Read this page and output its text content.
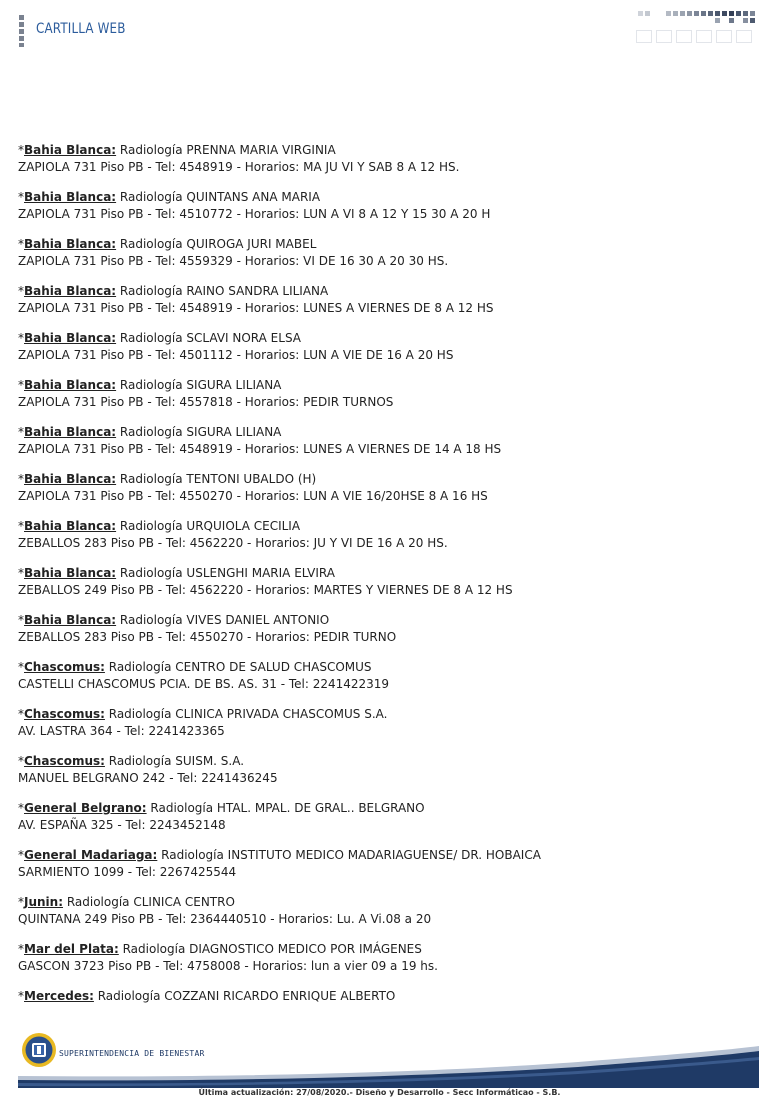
CARTILLA WEB
*Bahia Blanca: Radiología PRENNA MARIA VIRGINIA
ZAPIOLA 731 Piso PB - Tel: 4548919 - Horarios: MA JU VI Y SAB 8 A 12 HS.
*Bahia Blanca: Radiología QUINTANS ANA MARIA
ZAPIOLA 731 Piso PB - Tel: 4510772 - Horarios: LUN A VI 8 A 12 Y 15 30 A 20 H
*Bahia Blanca: Radiología QUIROGA JURI MABEL
ZAPIOLA 731 Piso PB - Tel: 4559329 - Horarios: VI DE 16 30 A 20 30 HS.
*Bahia Blanca: Radiología RAINO SANDRA LILIANA
ZAPIOLA 731 Piso PB - Tel: 4548919 - Horarios: LUNES A VIERNES DE 8 A 12 HS
*Bahia Blanca: Radiología SCLAVI NORA ELSA
ZAPIOLA 731 Piso PB - Tel: 4501112 - Horarios: LUN A VIE DE 16 A 20 HS
*Bahia Blanca: Radiología SIGURA LILIANA
ZAPIOLA 731 Piso PB - Tel: 4557818 - Horarios: PEDIR TURNOS
*Bahia Blanca: Radiología SIGURA LILIANA
ZAPIOLA 731 Piso PB - Tel: 4548919 - Horarios: LUNES A VIERNES DE 14 A 18 HS
*Bahia Blanca: Radiología TENTONI UBALDO (H)
ZAPIOLA 731 Piso PB - Tel: 4550270 - Horarios: LUN A VIE 16/20HSE 8 A 16 HS
*Bahia Blanca: Radiología URQUIOLA CECILIA
ZEBALLOS 283 Piso PB - Tel: 4562220 - Horarios: JU Y VI DE 16 A 20 HS.
*Bahia Blanca: Radiología USLENGHI MARIA ELVIRA
ZEBALLOS 249 Piso PB - Tel: 4562220 - Horarios: MARTES Y VIERNES DE 8 A 12 HS
*Bahia Blanca: Radiología VIVES DANIEL ANTONIO
ZEBALLOS 283 Piso PB - Tel: 4550270 - Horarios: PEDIR TURNO
*Chascomus: Radiología CENTRO DE SALUD CHASCOMUS
CASTELLI CHASCOMUS PCIA. DE BS. AS. 31 - Tel: 2241422319
*Chascomus: Radiología CLINICA PRIVADA CHASCOMUS S.A.
AV. LASTRA 364 - Tel: 2241423365
*Chascomus: Radiología SUISM. S.A.
MANUEL BELGRANO 242 - Tel: 2241436245
*General Belgrano: Radiología HTAL. MPAL. DE GRAL.. BELGRANO
AV. ESPAÑA 325 - Tel: 2243452148
*General Madariaga: Radiología INSTITUTO MEDICO MADARIAGUENSE/ DR. HOBAICA
SARMIENTO 1099 - Tel: 2267425544
*Junin: Radiología CLINICA CENTRO
QUINTANA 249 Piso PB - Tel: 2364440510 - Horarios: Lu. A Vi.08 a 20
*Mar del Plata: Radiología DIAGNOSTICO MEDICO POR IMÁGENES
GASCON 3723 Piso PB - Tel: 4758008 - Horarios: lun a vier 09 a 19 hs.
*Mercedes: Radiología COZZANI RICARDO ENRIQUE ALBERTO
SUPERINTENDENCIA DE BIENESTAR
Última actualización: 27/08/2020.- Diseño y Desarrollo - Secc Informáticao - S.B.
